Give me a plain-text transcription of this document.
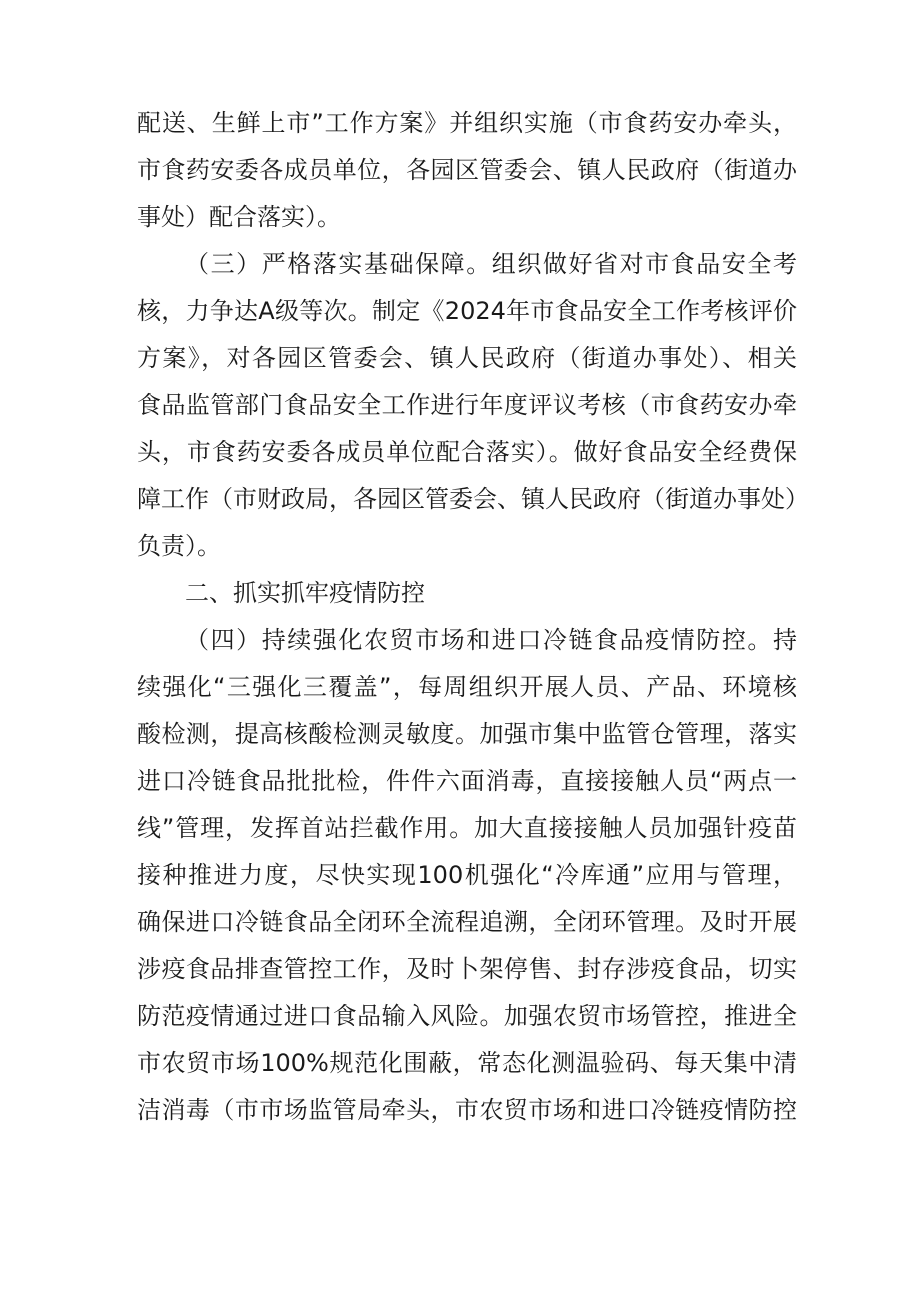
配送、生鲜上市”工作方案》并组织实施（市食药安办牵头，
市食药安委各成员单位，各园区管委会、镇人民政府（街道办
事处）配合落实）。
（三）严格落实基础保障。组织做好省对市食品安全考
核，力争达A级等次。制定《2024年市食品安全工作考核评价
方案》，对各园区管委会、镇人民政府（街道办事处）、相关
食品监管部门食品安全工作进行年度评议考核（市食药安办牵
头，市食药安委各成员单位配合落实）。做好食品安全经费保
障工作（市财政局，各园区管委会、镇人民政府（街道办事处）
负责）。
二、抓实抓牢疫情防控
（四）持续强化农贸市场和进口冷链食品疫情防控。持
续强化“三强化三覆盖”，每周组织开展人员、产品、环境核
酸检测，提高核酸检测灵敏度。加强市集中监管仓管理，落实
进口冷链食品批批检，件件六面消毒，直接接触人员“两点一
线”管理，发挥首站拦截作用。加大直接接触人员加强针疫苗
接种推进力度，尽快实现100机强化“冷库通”应用与管理，
确保进口冷链食品全闭环全流程追溯，全闭环管理。及时开展
涉疫食品排查管控工作，及时卜架停售、封存涉疫食品，切实
防范疫情通过进口食品输入风险。加强农贸市场管控，推进全
市农贸市场100%规范化围蔽，常态化测温验码、每天集中清
洁消毒（市市场监管局牵头，市农贸市场和进口冷链疫情防控
